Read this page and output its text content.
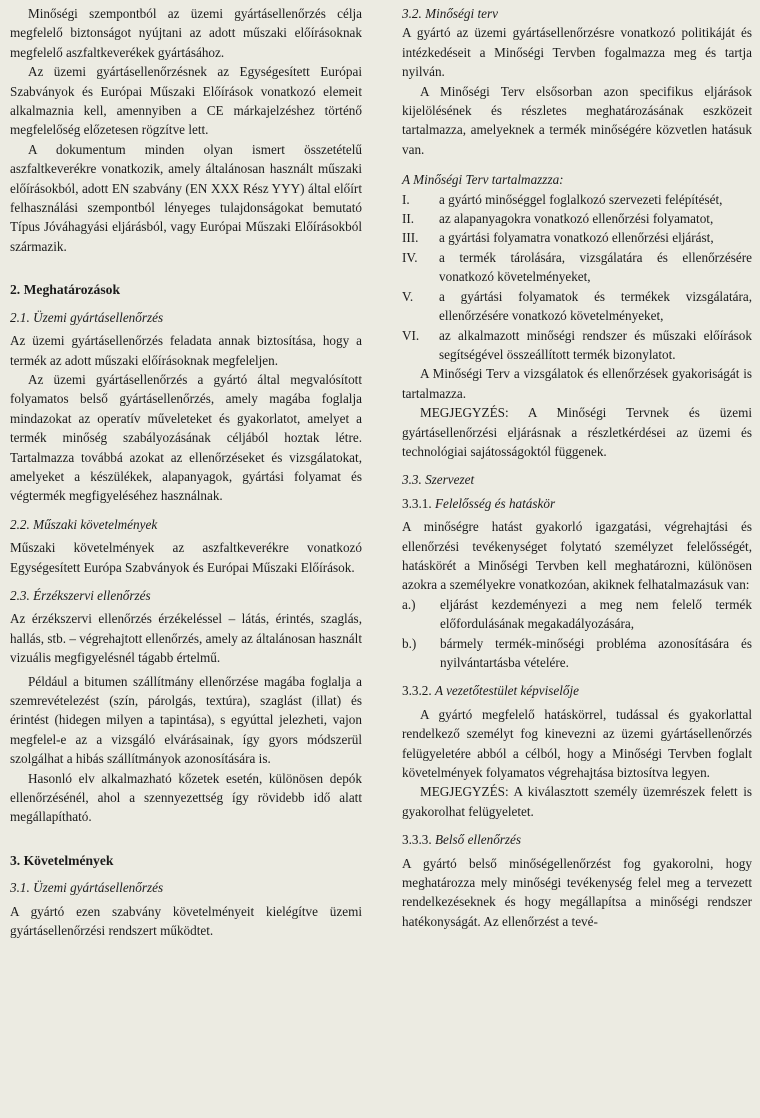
Minőségi szempontból az üzemi gyártásellenőrzés célja megfelelő biztonságot nyújtani az adott műszaki előírásoknak megfelelő aszfaltkeverékek gyártásához.

Az üzemi gyártásellenőrzésnek az Egységesített Európai Szabványok és Európai Műszaki Előírások vonatkozó elemeit alkalmaznia kell, amennyiben a CE márkajelzéshez történő megfelelőség előzetesen rögzítve lett.

A dokumentum minden olyan ismert összetételű aszfaltkeverékre vonatkozik, amely általánosan használt műszaki előírásokból, adott EN szabvány (EN XXX Rész YYY) által előírt felhasználási szempontból lényeges tulajdonságokat bemutató Típus Jóváhagyási eljárásból, vagy Európai Műszaki Előírásokból származik.

2. Meghatározások

2.1. Üzemi gyártásellenőrzés

Az üzemi gyártásellenőrzés feladata annak biztosítása, hogy a termék az adott műszaki előírásoknak megfeleljen.

Az üzemi gyártásellenőrzés a gyártó által megvalósított folyamatos belső gyártásellenőrzés, amely magába foglalja mindazokat az operatív műveleteket és gyakorlatot, amelyet a termék minőség szabályozásának céljából hoztak létre. Tartalmazza továbbá azokat az ellenőrzéseket és vizsgálatokat, amelyeket a készülékek, alapanyagok, gyártási folyamat és végtermék megfigyeléséhez használnak.

2.2. Műszaki követelmények

Műszaki követelmények az aszfaltkeverékre vonatkozó Egységesített Európa Szabványok és Európai Műszaki Előírások.

2.3. Érzékszervi ellenőrzés

Az érzékszervi ellenőrzés érzékeléssel – látás, érintés, szaglás, hallás, stb. – végrehajtott ellenőrzés, amely az általánosan használt vizuális megfigyelésnél tágabb értelmű.

Például a bitumen szállítmány ellenőrzése magába foglalja a szemrevételezést (szín, párolgás, textúra), szaglást (illat) és érintést (hidegen milyen a tapintása), s egyúttal jelezheti, vajon megfelel-e az a vizsgáló elvárásainak, így gyors módszerül szolgálhat a hibás szállítmányok azonosítására is.

Hasonló elv alkalmazható kőzetek esetén, különösen depók ellenőrzésénél, ahol a szennyezettség így rövidebb idő alatt megállapítható.

3. Követelmények

3.1. Üzemi gyártásellenőrzés

A gyártó ezen szabvány követelményeit kielégítve üzemi gyártásellenőrzési rendszert működtet.

3.2. Minőségi terv

A gyártó az üzemi gyártásellenőrzésre vonatkozó politikáját és intézkedéseit a Minőségi Tervben fogalmazza meg és tartja nyilván.

A Minőségi Terv elsősorban azon specifikus eljárások kijelölésének és részletes meghatározásának eszközeit tartalmazza, amelyeknek a termék minőségére közvetlen hatásuk van.

A Minőségi Terv tartalmazzza:

I.	a gyártó minőséggel foglalkozó szervezeti felépítését,
II.	az alapanyagokra vonatkozó ellenőrzési folyamatot,
III.	a gyártási folyamatra vonatkozó ellenőrzési eljárást,
IV.	a termék tárolására, vizsgálatára és ellenőrzésére vonatkozó követelményeket,
V.	a gyártási folyamatok és termékek vizsgálatára, ellenőrzésére vonatkozó követelményeket,
VI.	az alkalmazott minőségi rendszer és műszaki előírások segítségével összeállított termék bizonylatot.

A Minőségi Terv a vizsgálatok és ellenőrzések gyakoriságát is tartalmazza.

MEGJEGYZÉS: A Minőségi Tervnek és üzemi gyártásellenőrzési eljárásnak a részletkérdései az üzemi és technológiai sajátosságoktól függenek.

3.3. Szervezet

3.3.1. Felelősség és hatáskör

A minőségre hatást gyakorló igazgatási, végrehajtási és ellenőrzési tevékenységet folytató személyzet felelősségét, hatáskörét a Minőségi Tervben kell meghatározni, különösen azokra a személyekre vonatkozóan, akiknek felhatalmazásuk van:

a.)	eljárást kezdeményezi a meg nem felelő termék előfordulásának megakadályozására,
b.)	bármely termék-minőségi probléma azonosítására és nyilvántartásba vételére.

3.3.2. A vezetőtestület képviselője

A gyártó megfelelő hatáskörrel, tudással és gyakorlattal rendelkező személyt fog kinevezni az üzemi gyártásellenőrzés felügyeletére abból a célból, hogy a Minőségi Tervben foglalt követelmények folyamatos végrehajtása biztosítva legyen.

MEGJEGYZÉS: A kiválasztott személy üzemrészek felett is gyakorolhat felügyeletet.

3.3.3. Belső ellenőrzés

A gyártó belső minőségellenőrzést fog gyakorolni, hogy meghatározza mely minőségi tevékenység felel meg a tervezett rendelkezéseknek és hogy megállapítsa a minőségi rendszer hatékonyságát. Az ellenőrzést a tevé-
